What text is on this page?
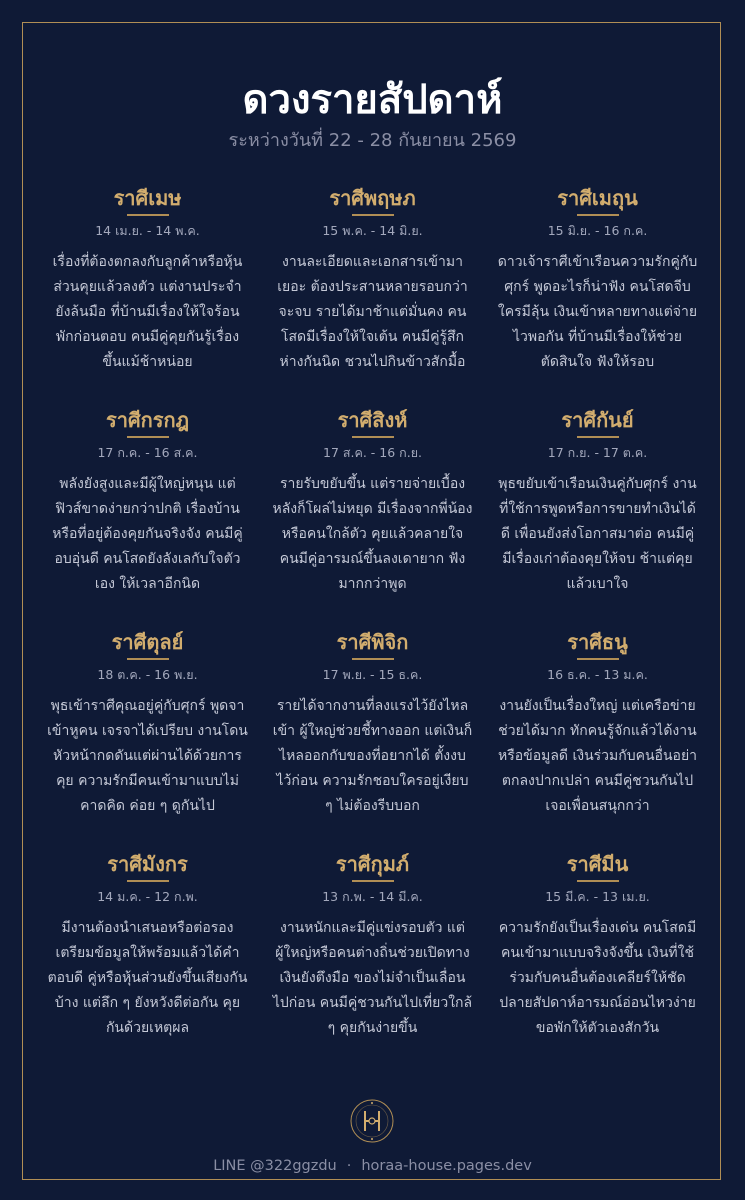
ดวงรายสัปดาห์
ระหว่างวันที่ 22 - 28 กันยายน 2569
ราศีเมษ
14 เม.ย. - 14 พ.ค.
เรื่องที่ต้องตกลงกับลูกค้าหรือหุ้นส่วนคุยแล้วลงตัว แต่งานประจำยังล้นมือ ที่บ้านมีเรื่องให้ใจร้อน พักก่อนตอบ คนมีคู่คุยกันรู้เรื่องขึ้นแม้ช้าหน่อย
ราศีพฤษภ
15 พ.ค. - 14 มิ.ย.
งานละเอียดและเอกสารเข้ามาเยอะ ต้องประสานหลายรอบกว่าจะจบ รายได้มาช้าแต่มั่นคง คนโสดมีเรื่องให้ใจเต้น คนมีคู่รู้สึกห่างกันนิด ชวนไปกินข้าวสักมื้อ
ราศีเมถุน
15 มิ.ย. - 16 ก.ค.
ดาวเจ้าราศีเข้าเรือนความรักคู่กับศุกร์ พูดอะไรก็น่าฟัง คนโสดจีบใครมีลุ้น เงินเข้าหลายทางแต่จ่ายไวพอกัน ที่บ้านมีเรื่องให้ช่วยตัดสินใจ ฟังให้รอบ
ราศีกรกฎ
17 ก.ค. - 16 ส.ค.
พลังยังสูงและมีผู้ใหญ่หนุน แต่ฟิวส์ขาดง่ายกว่าปกติ เรื่องบ้านหรือที่อยู่ต้องคุยกันจริงจัง คนมีคู่อบอุ่นดี คนโสดยังลังเลกับใจตัวเอง ให้เวลาอีกนิด
ราศีสิงห์
17 ส.ค. - 16 ก.ย.
รายรับขยับขึ้น แต่รายจ่ายเบื้องหลังก็โผล่ไม่หยุด มีเรื่องจากพี่น้องหรือคนใกล้ตัว คุยแล้วคลายใจ คนมีคู่อารมณ์ขึ้นลงเดายาก ฟังมากกว่าพูด
ราศีกันย์
17 ก.ย. - 17 ต.ค.
พุธขยับเข้าเรือนเงินคู่กับศุกร์ งานที่ใช้การพูดหรือการขายทำเงินได้ดี เพื่อนยังส่งโอกาสมาต่อ คนมีคู่มีเรื่องเก่าต้องคุยให้จบ ช้าแต่คุยแล้วเบาใจ
ราศีตุลย์
18 ต.ค. - 16 พ.ย.
พุธเข้าราศีคุณอยู่คู่กับศุกร์ พูดจาเข้าหูคน เจรจาได้เปรียบ งานโดนหัวหน้ากดดันแต่ผ่านได้ด้วยการคุย ความรักมีคนเข้ามาแบบไม่คาดคิด ค่อย ๆ ดูกันไป
ราศีพิจิก
17 พ.ย. - 15 ธ.ค.
รายได้จากงานที่ลงแรงไว้ยังไหลเข้า ผู้ใหญ่ช่วยชี้ทางออก แต่เงินก็ไหลออกกับของที่อยากได้ ตั้งงบไว้ก่อน ความรักชอบใครอยู่เงียบ ๆ ไม่ต้องรีบบอก
ราศีธนู
16 ธ.ค. - 13 ม.ค.
งานยังเป็นเรื่องใหญ่ แต่เครือข่ายช่วยได้มาก ทักคนรู้จักแล้วได้งานหรือข้อมูลดี เงินร่วมกับคนอื่นอย่าตกลงปากเปล่า คนมีคู่ชวนกันไปเจอเพื่อนสนุกกว่า
ราศีมังกร
14 ม.ค. - 12 ก.พ.
มีงานต้องนำเสนอหรือต่อรอง เตรียมข้อมูลให้พร้อมแล้วได้คำตอบดี คู่หรือหุ้นส่วนยังขึ้นเสียงกันบ้าง แต่ลึก ๆ ยังหวังดีต่อกัน คุยกันด้วยเหตุผล
ราศีกุมภ์
13 ก.พ. - 14 มี.ค.
งานหนักและมีคู่แข่งรอบตัว แต่ผู้ใหญ่หรือคนต่างถิ่นช่วยเปิดทาง เงินยังตึงมือ ของไม่จำเป็นเลื่อนไปก่อน คนมีคู่ชวนกันไปเที่ยวใกล้ ๆ คุยกันง่ายขึ้น
ราศีมีน
15 มี.ค. - 13 เม.ย.
ความรักยังเป็นเรื่องเด่น คนโสดมีคนเข้ามาแบบจริงจังขึ้น เงินที่ใช้ร่วมกับคนอื่นต้องเคลียร์ให้ชัด ปลายสัปดาห์อารมณ์อ่อนไหวง่าย ขอพักให้ตัวเองสักวัน
LINE @322ggzdu · horaa-house.pages.dev
